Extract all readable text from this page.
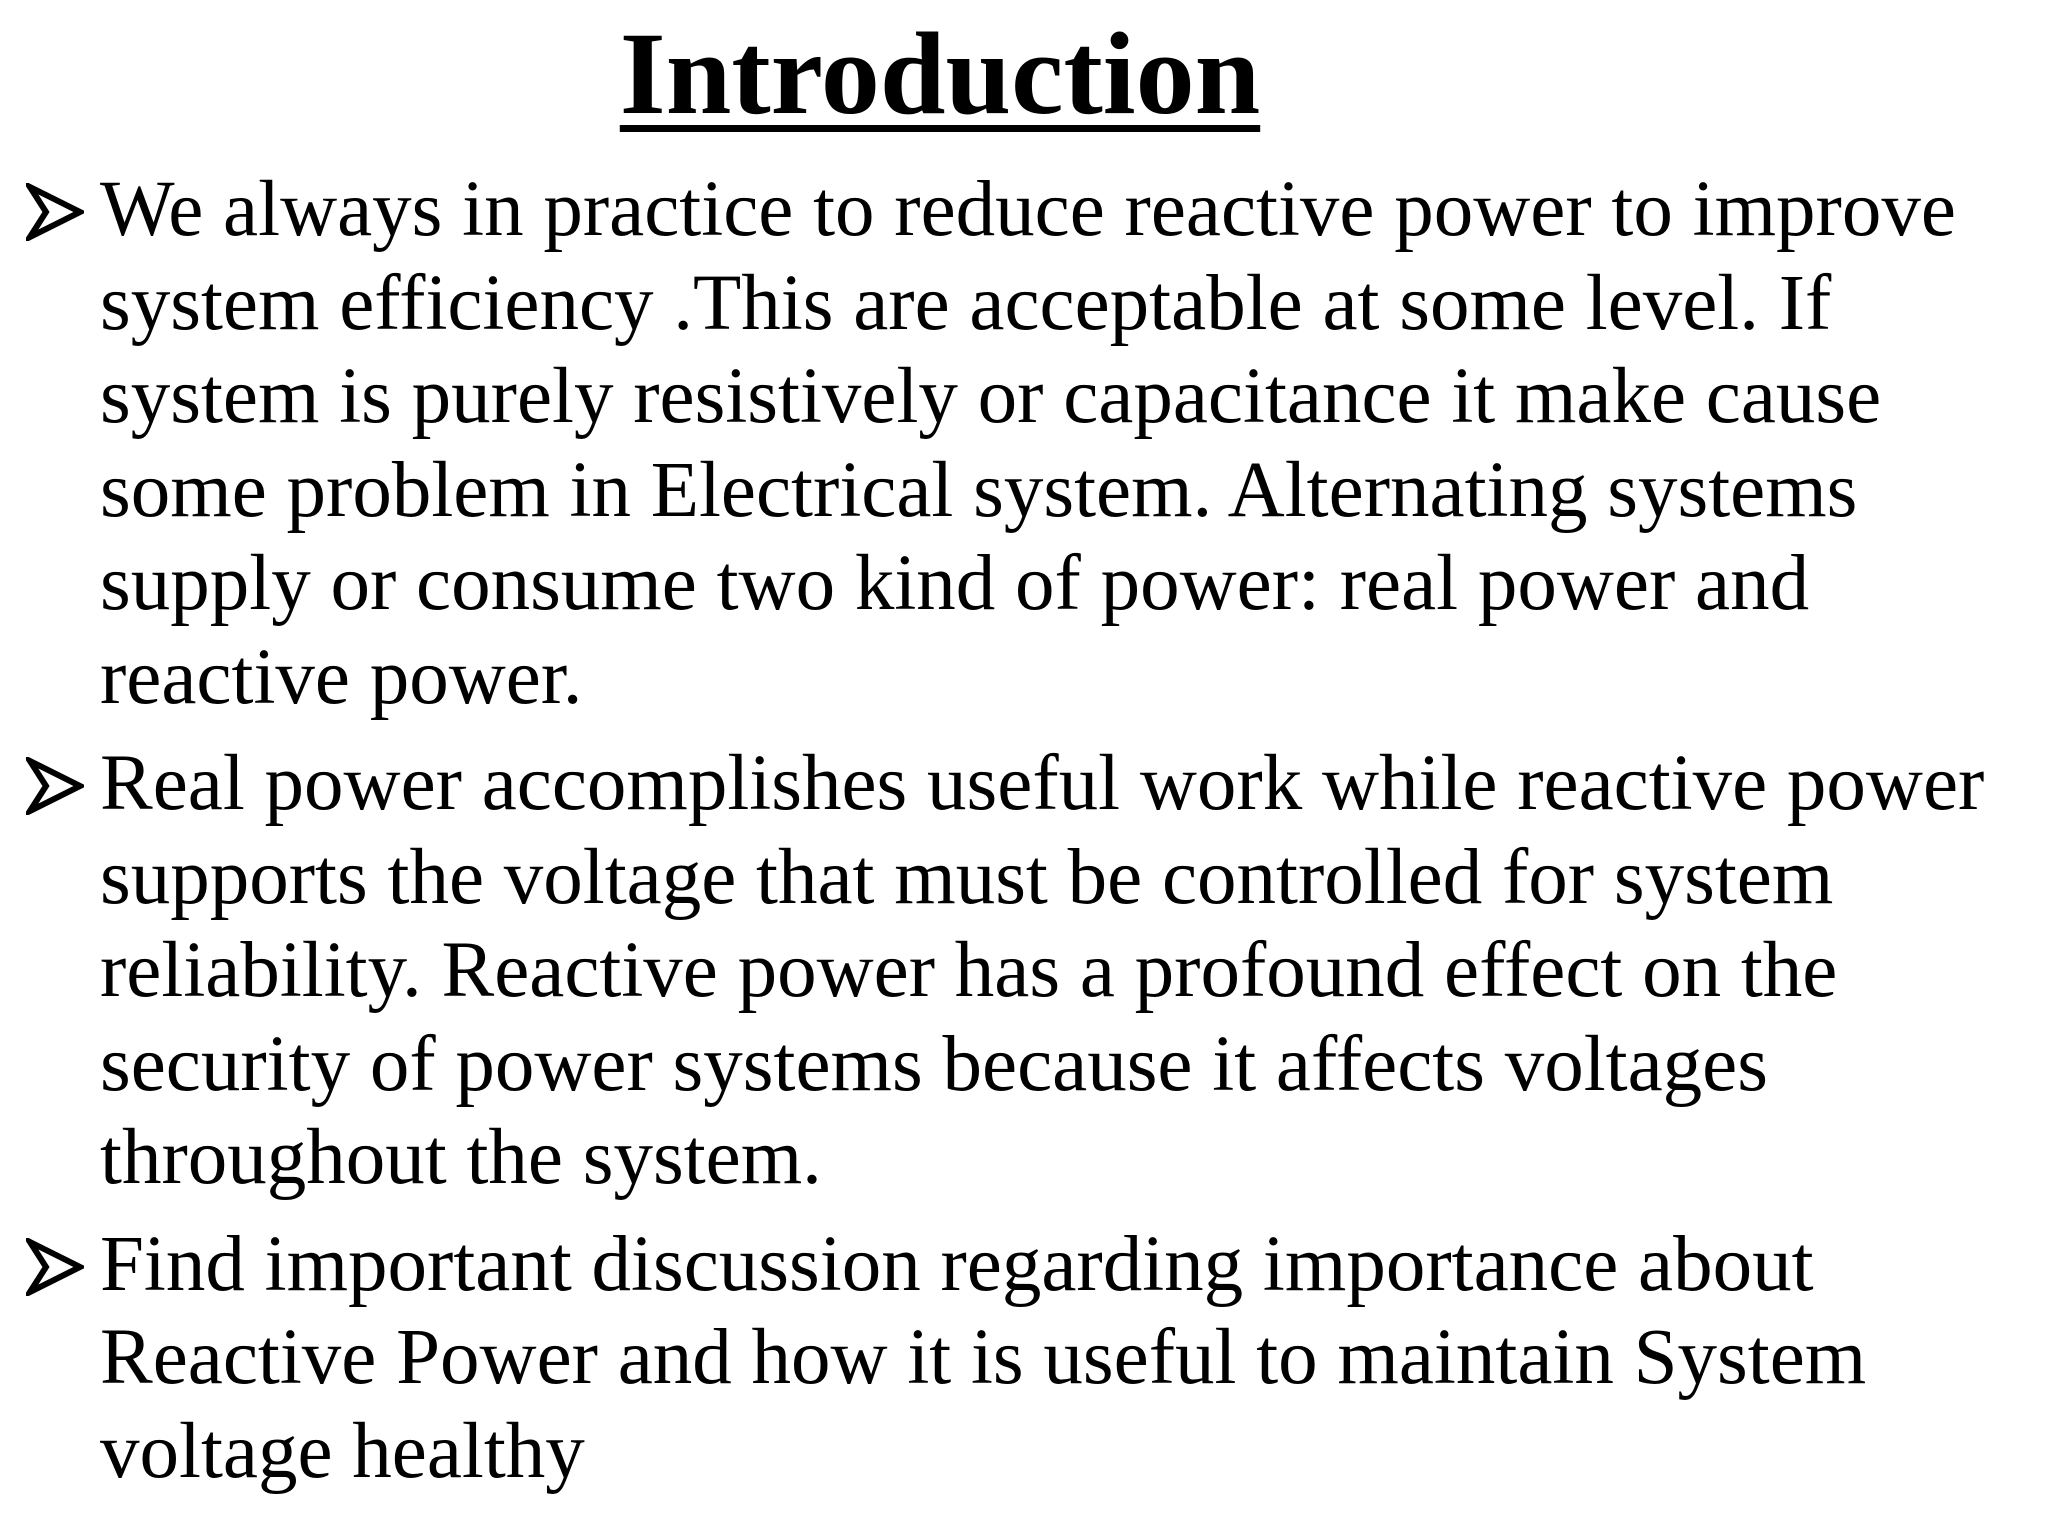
Introduction
We always in practice to reduce reactive power to improve system efficiency .This are acceptable at some level. If system is purely resistively or capacitance it make cause some problem in Electrical system. Alternating systems supply or consume two kind of power: real power and reactive power.
Real power accomplishes useful work while reactive power supports the voltage that must be controlled for system reliability. Reactive power has a profound effect on the security of power systems because it affects voltages throughout the system.
Find important discussion regarding importance about Reactive Power and how it is useful to maintain System voltage healthy
